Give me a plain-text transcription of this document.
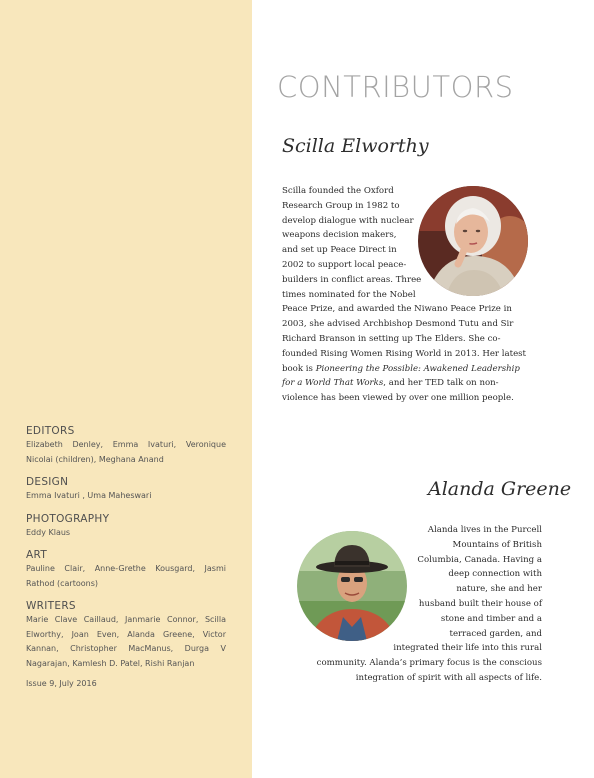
EDITORS
Elizabeth Denley, Emma Ivaturi, Veronique Nicolai (children), Meghana Anand
DESIGN
Emma Ivaturi , Uma Maheswari
PHOTOGRAPHY
Eddy Klaus
ART
Pauline Clair, Anne-Grethe Kousgard, Jasmi Rathod (cartoons)
WRITERS
Marie Clave Caillaud, Janmarie Connor, Scilla Elworthy, Joan Even, Alanda Greene, Victor Kannan, Christopher MacManus, Durga V Nagarajan, Kamlesh D. Patel, Rishi Ranjan
Issue 9, July 2016
CONTRIBUTORS
Scilla Elworthy
Scilla founded the Oxford Research Group in 1982 to develop dialogue with nuclear weapons decision makers, and set up Peace Direct in 2002 to support local peace-builders in conflict areas. Three times nominated for the Nobel Peace Prize, and awarded the Niwano Peace Prize in 2003, she advised Archbishop Desmond Tutu and Sir Richard Branson in setting up The Elders. She co-founded Rising Women Rising World in 2013. Her latest book is Pioneering the Possible: Awakened Leadership for a World That Works, and her TED talk on non-violence has been viewed by over one million people.
Alanda Greene
Alanda lives in the Purcell Mountains of British Columbia, Canada. Having a deep connection with nature, she and her husband built their house of stone and timber and a terraced garden, and integrated their life into this rural community. Alanda’s primary focus is the conscious integration of spirit with all aspects of life.
